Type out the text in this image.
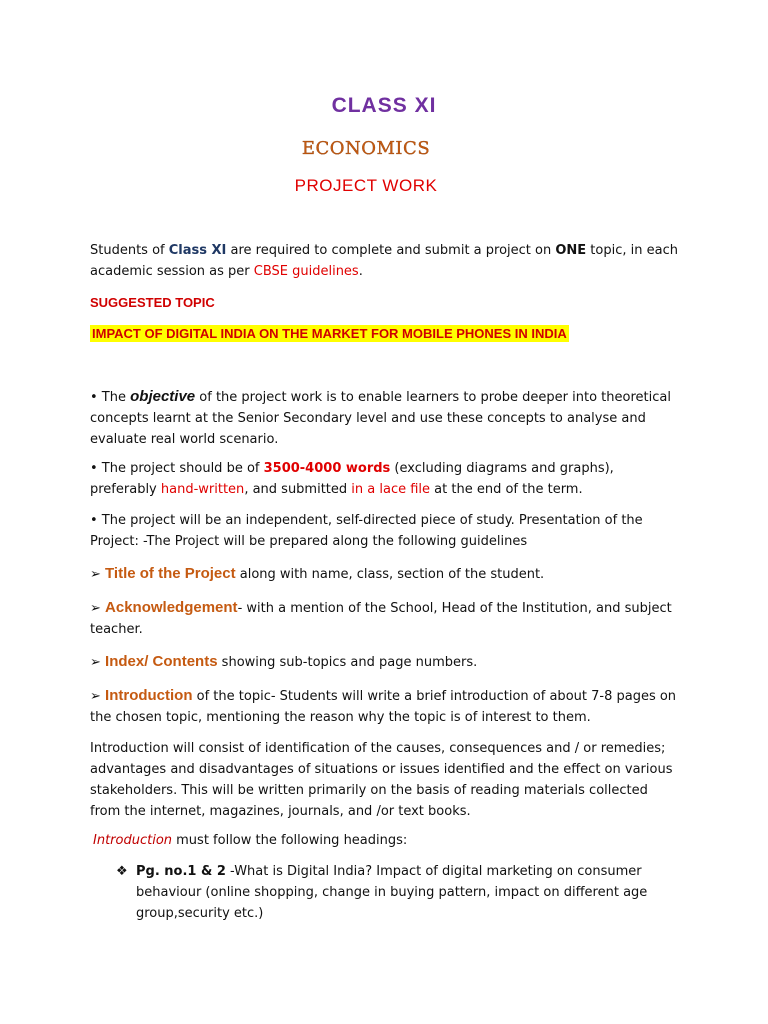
CLASS XI
ECONOMICS
PROJECT WORK
Students of Class XI are required to complete and submit a project on ONE topic, in each academic session as per CBSE guidelines.
SUGGESTED TOPIC
IMPACT OF DIGITAL INDIA ON THE MARKET FOR MOBILE PHONES IN INDIA
• The objective of the project work is to enable learners to probe deeper into theoretical concepts learnt at the Senior Secondary level and use these concepts to analyse and evaluate real world scenario.
• The project should be of 3500-4000 words (excluding diagrams and graphs), preferably hand-written, and submitted in a lace file at the end of the term.
• The project will be an independent, self-directed piece of study. Presentation of the Project: -The Project will be prepared along the following guidelines
➢ Title of the Project along with name, class, section of the student.
➢ Acknowledgement- with a mention of the School, Head of the Institution, and subject teacher.
➢ Index/ Contents showing sub-topics and page numbers.
➢ Introduction of the topic- Students will write a brief introduction of about 7-8 pages on the chosen topic, mentioning the reason why the topic is of interest to them.
Introduction will consist of identification of the causes, consequences and / or remedies; advantages and disadvantages of situations or issues identified and the effect on various stakeholders. This will be written primarily on the basis of reading materials collected from the internet, magazines, journals, and /or text books.
Introduction must follow the following headings:
❖ Pg. no.1 & 2 -What is Digital India? Impact of digital marketing on consumer behaviour (online shopping, change in buying pattern, impact on different age group,security etc.)
